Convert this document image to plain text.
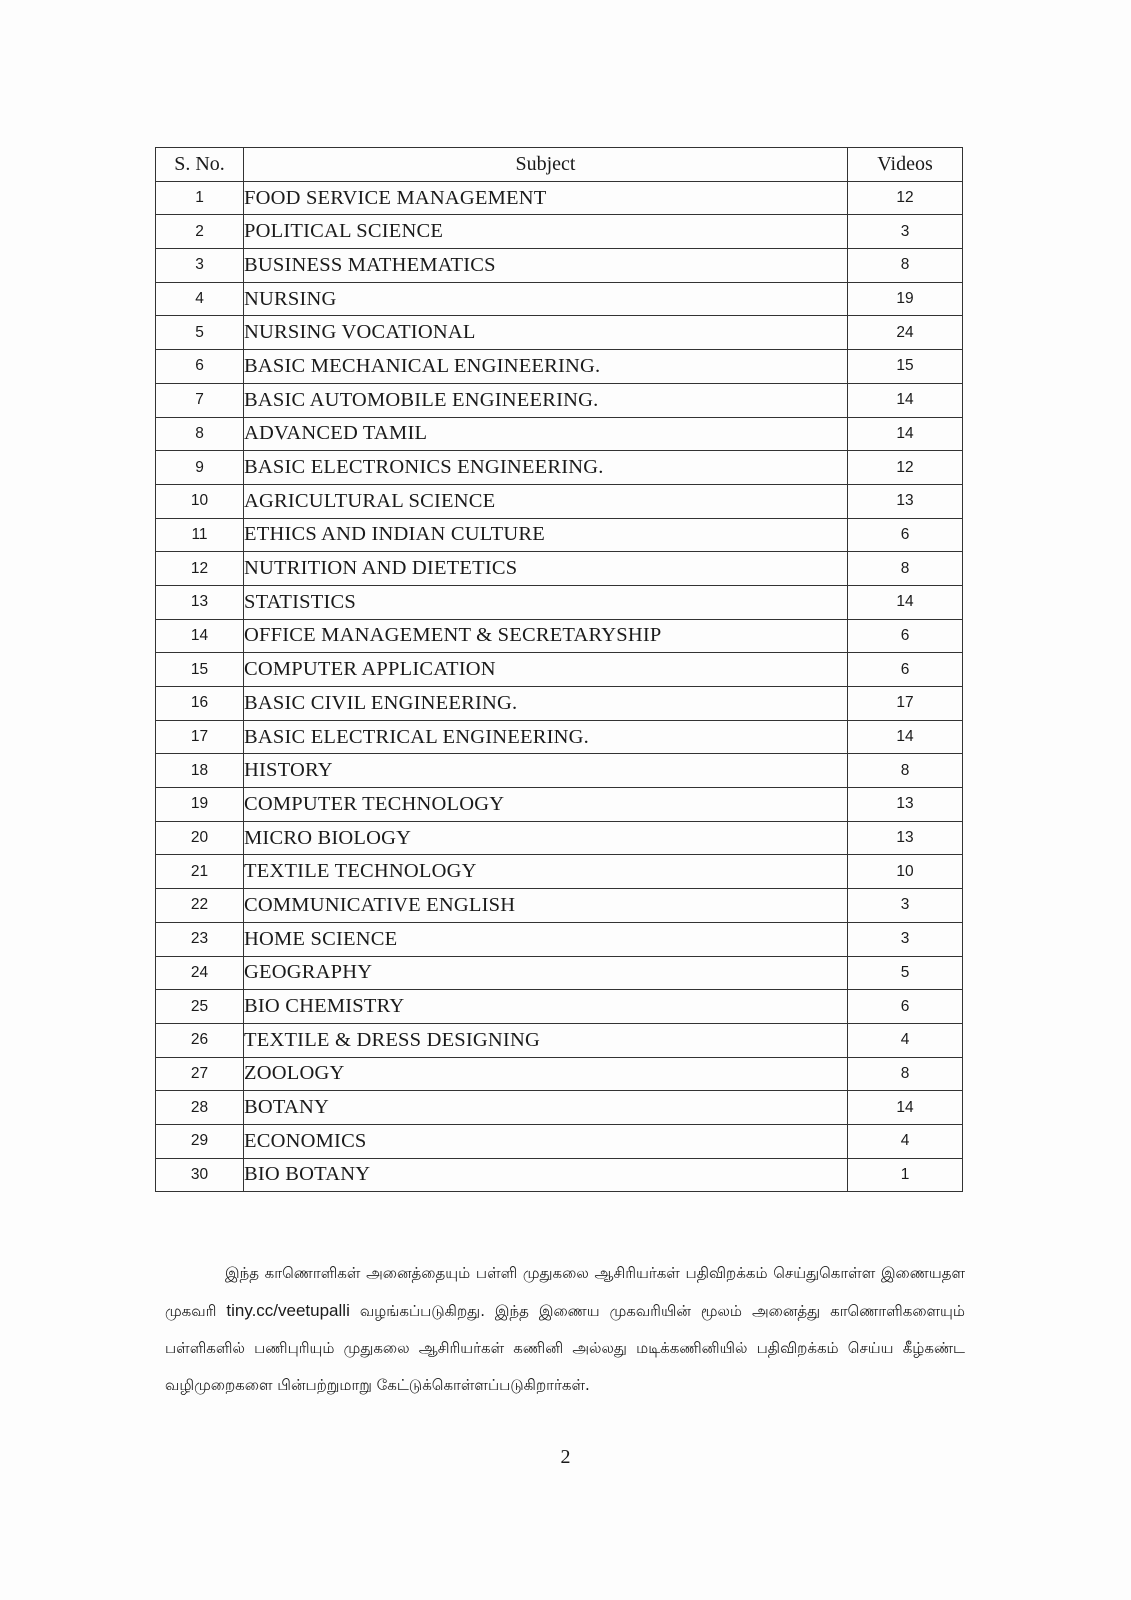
S. No.	Subject	Videos
1	FOOD SERVICE MANAGEMENT	12
2	POLITICAL SCIENCE	3
3	BUSINESS MATHEMATICS	8
4	NURSING	19
5	NURSING VOCATIONAL	24
6	BASIC MECHANICAL ENGINEERING.	15
7	BASIC AUTOMOBILE ENGINEERING.	14
8	ADVANCED TAMIL	14
9	BASIC ELECTRONICS ENGINEERING.	12
10	AGRICULTURAL SCIENCE	13
11	ETHICS AND INDIAN CULTURE	6
12	NUTRITION AND DIETETICS	8
13	STATISTICS	14
14	OFFICE MANAGEMENT & SECRETARYSHIP	6
15	COMPUTER APPLICATION	6
16	BASIC CIVIL ENGINEERING.	17
17	BASIC ELECTRICAL ENGINEERING.	14
18	HISTORY	8
19	COMPUTER TECHNOLOGY	13
20	MICRO BIOLOGY	13
21	TEXTILE TECHNOLOGY	10
22	COMMUNICATIVE ENGLISH	3
23	HOME SCIENCE	3
24	GEOGRAPHY	5
25	BIO CHEMISTRY	6
26	TEXTILE & DRESS DESIGNING	4
27	ZOOLOGY	8
28	BOTANY	14
29	ECONOMICS	4
30	BIO BOTANY	1

இந்த காணொளிகள் அனைத்தையும் பள்ளி முதுகலை ஆசிரியர்கள் பதிவிறக்கம் செய்துகொள்ள இணையதள முகவரி tiny.cc/veetupalli வழங்கப்படுகிறது. இந்த இணைய முகவரியின் மூலம் அனைத்து காணொளிகளையும் பள்ளிகளில் பணிபுரியும் முதுகலை ஆசிரியர்கள் கணினி அல்லது மடிக்கணினியில் பதிவிறக்கம் செய்ய கீழ்கண்ட வழிமுறைகளை பின்பற்றுமாறு கேட்டுக்கொள்ளப்படுகிறார்கள்.

2
